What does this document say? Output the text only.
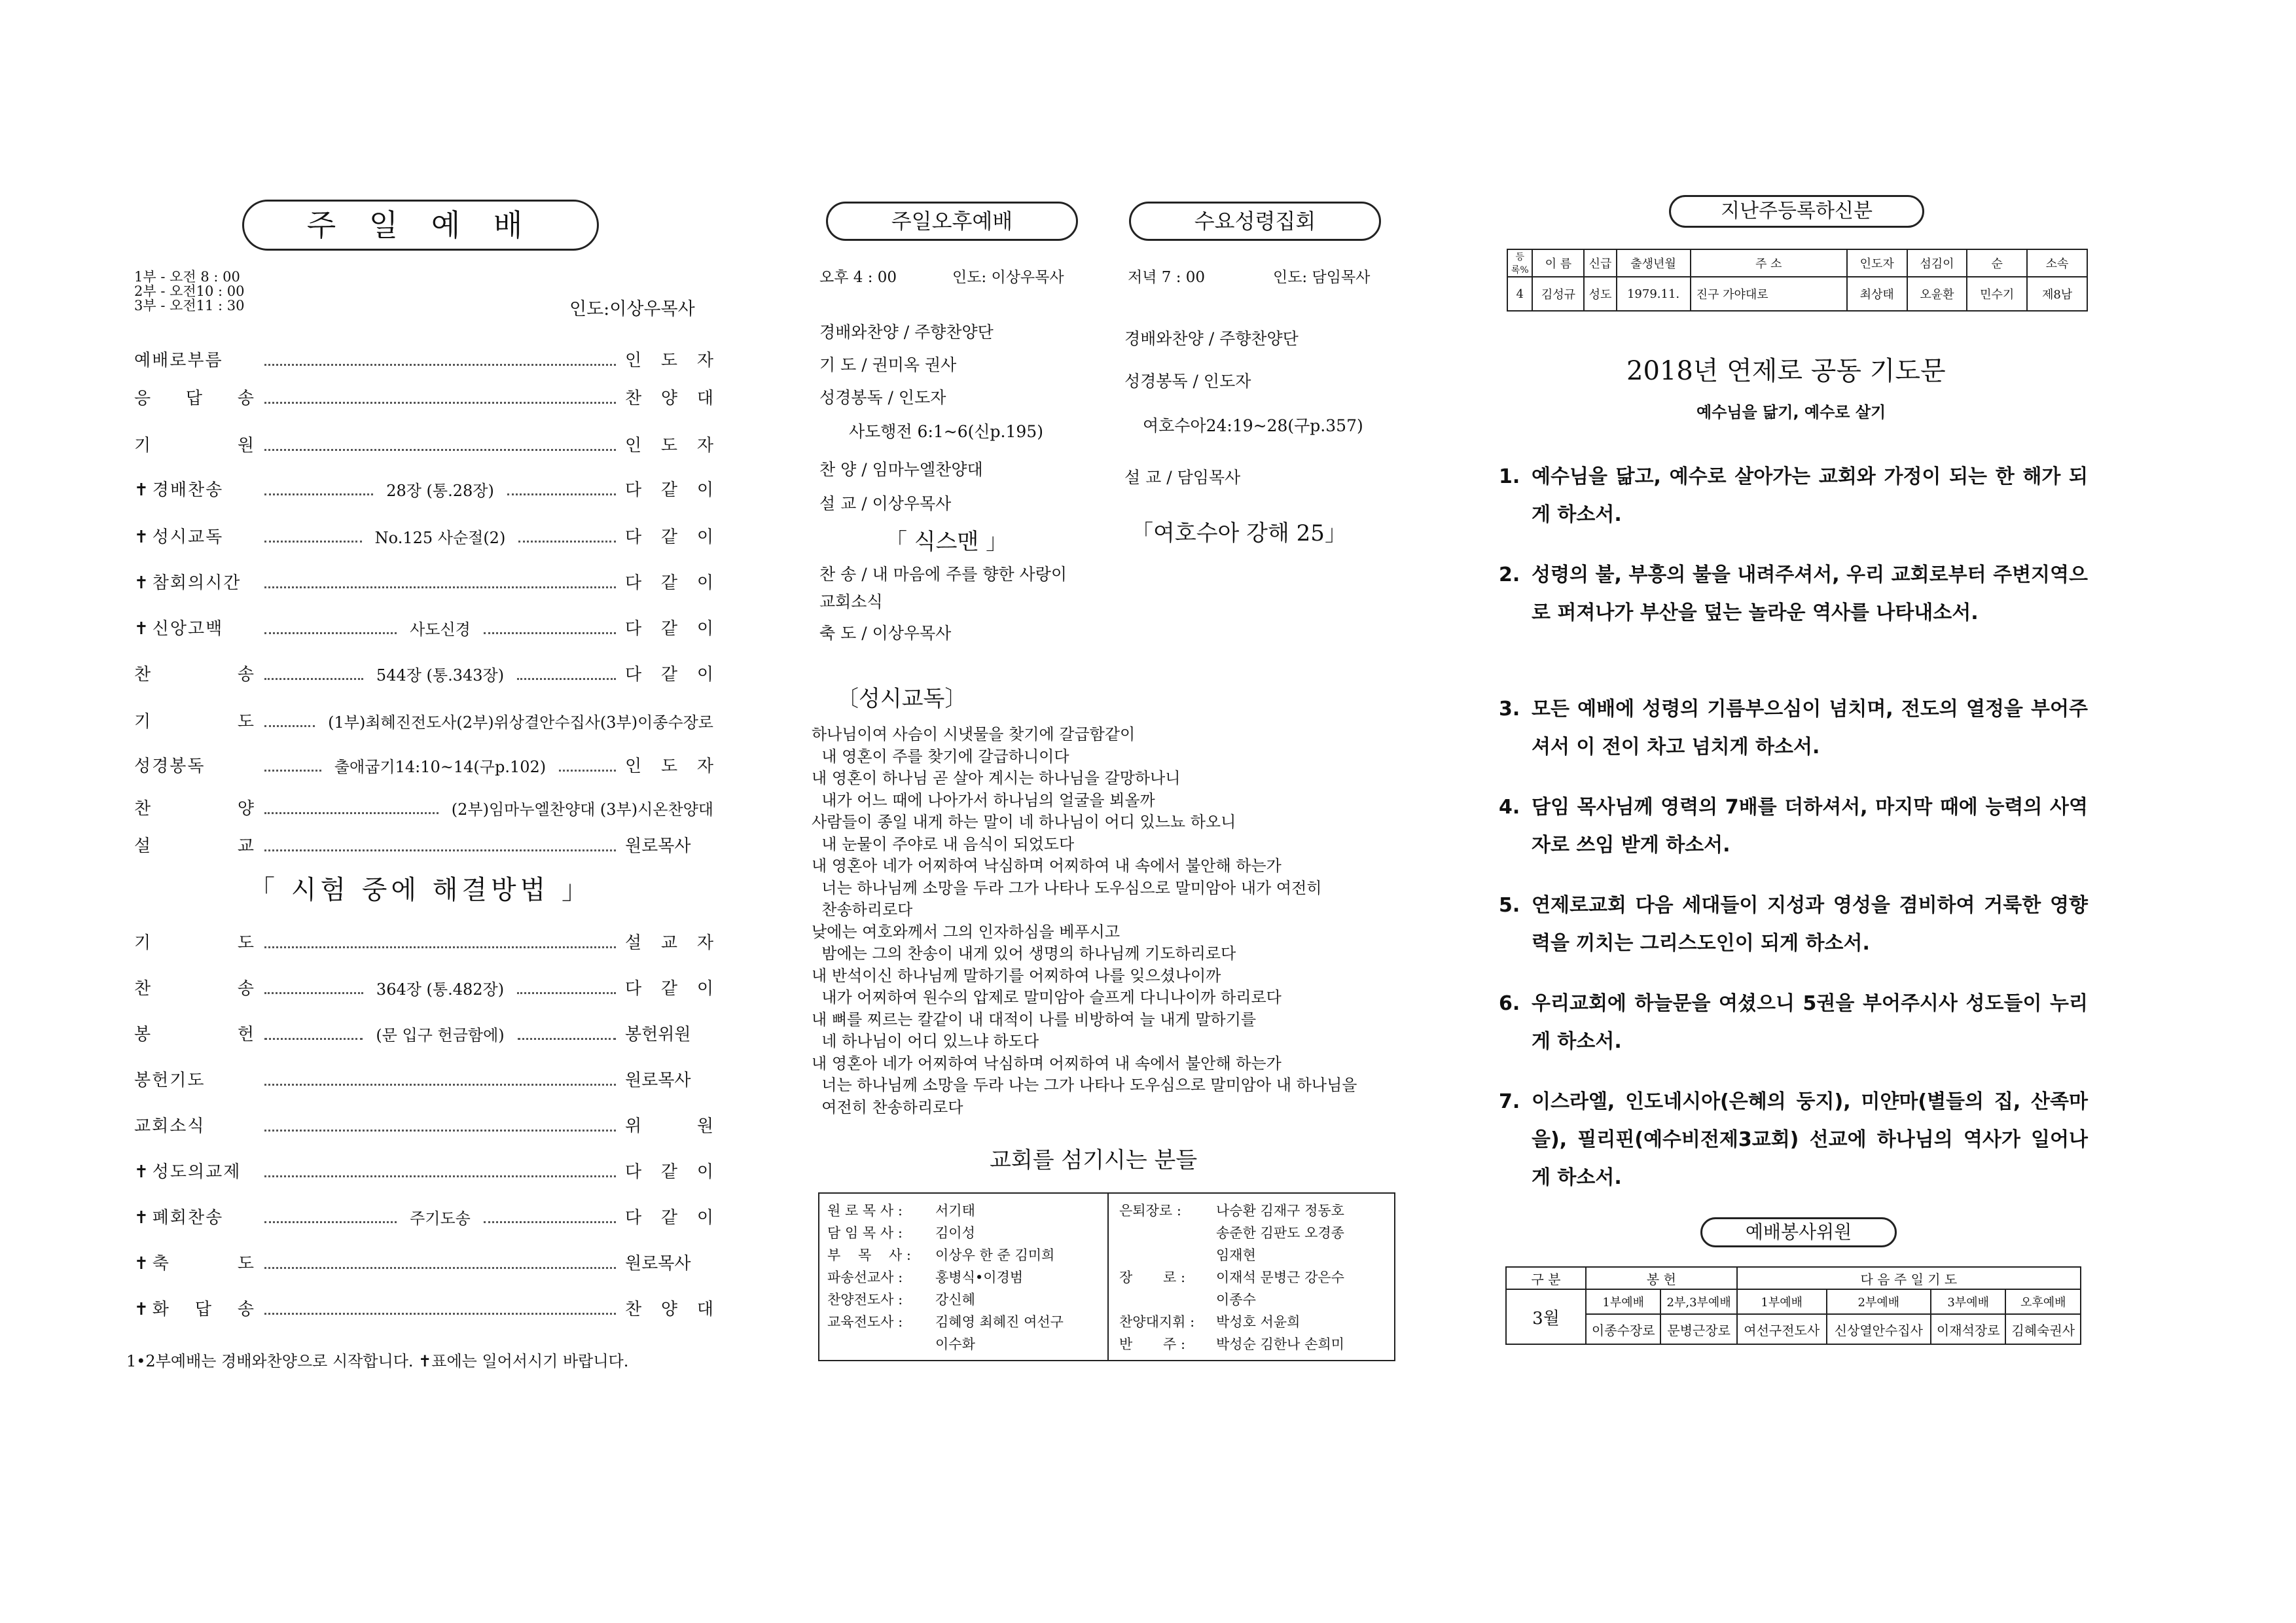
주 일 예 배
1부 - 오전 8 : 00
2부 - 오전10 : 00
3부 - 오전11 : 30	인도:이상우목사
예배로부름	인 도 자
응 답 송	찬 양 대
기 원	인 도 자
✝ 경배찬송	28장 (통.28장)	다 같 이
✝ 성시교독	No.125 사순절(2)	다 같 이
✝ 참회의시간	다 같 이
✝ 신앙고백	사도신경	다 같 이
찬 송	544장 (통.343장)	다 같 이
기 도	(1부)최혜진전도사(2부)위상결안수집사(3부)이종수장로
성경봉독	출애굽기14:10~14(구p.102)	인 도 자
찬 양	(2부)임마누엘찬양대 (3부)시온찬양대
설 교	원로목사
「 시험 중에 해결방법 」
기 도	설 교 자
찬 송	364장 (통.482장)	다 같 이
봉 헌	(문 입구 헌금함에)	봉헌위원
봉헌기도	원로목사
교회소식	위 원
✝ 성도의교제	다 같 이
✝ 폐회찬송	주기도송	다 같 이
✝ 축 도	원로목사
✝ 화 답 송	찬 양 대
1•2부예배는 경배와찬양으로 시작합니다. ✝표에는 일어서시기 바랍니다.
주일오후예배
오후 4 : 00	인도: 이상우목사
경배와찬양 / 주향찬양단
기 도 / 권미옥 권사
성경봉독 / 인도자
사도행전 6:1~6(신p.195)
찬 양 / 임마누엘찬양대
설 교 / 이상우목사
「 식스맨 」
찬 송 / 내 마음에 주를 향한 사랑이
교회소식
축 도 / 이상우목사
수요성령집회
저녁 7 : 00	인도: 담임목사
경배와찬양 / 주향찬양단
성경봉독 / 인도자
여호수아24:19~28(구p.357)
설 교 / 담임목사
「여호수아 강해 25」
〔성시교독〕
하나님이여 사슴이 시냇물을 찾기에 갈급함같이
내 영혼이 주를 찾기에 갈급하니이다
내 영혼이 하나님 곧 살아 계시는 하나님을 갈망하나니
내가 어느 때에 나아가서 하나님의 얼굴을 뵈올까
사람들이 종일 내게 하는 말이 네 하나님이 어디 있느뇨 하오니
내 눈물이 주야로 내 음식이 되었도다
내 영혼아 네가 어찌하여 낙심하며 어찌하여 내 속에서 불안해 하는가
너는 하나님께 소망을 두라 그가 나타나 도우심으로 말미암아 내가 여전히
찬송하리로다
낮에는 여호와께서 그의 인자하심을 베푸시고
밤에는 그의 찬송이 내게 있어 생명의 하나님께 기도하리로다
내 반석이신 하나님께 말하기를 어찌하여 나를 잊으셨나이까
내가 어찌하여 원수의 압제로 말미암아 슬프게 다니나이까 하리로다
내 뼈를 찌르는 칼같이 내 대적이 나를 비방하여 늘 내게 말하기를
네 하나님이 어디 있느냐 하도다
내 영혼아 네가 어찌하여 낙심하며 어찌하여 내 속에서 불안해 하는가
너는 하나님께 소망을 두라 나는 그가 나타나 도우심으로 말미암아 내 하나님을
여전히 찬송하리로다
교회를 섬기시는 분들
원 로 목 사 : 서기태
담 임 목 사 : 김이성
부    목    사 : 이상우 한 준 김미희
파송선교사 : 홍병식•이경범
찬양전도사 : 강신혜
교육전도사 : 김혜영 최혜진 여선구
이수화
은퇴장로 :	나승환 김재구 정동호
송준한 김판도 오경종
임재현
장       로 : 이재석 문병근 강은수
이종수
찬양대지휘 : 박성호 서윤희
반       주 : 박성순 김한나 손희미
지난주등록하신분
등록%	이 름	신급	출생년월	주 소	인도자	섬김이	순	소속
4	김성규	성도	1979.11.	진구 가야대로	최상태	오윤환	민수기	제8남
2018년 연제로 공동 기도문
예수님을 닮기, 예수로 살기
1. 예수님을 닮고, 예수로 살아가는 교회와 가정이 되는 한 해가 되게 하소서.
2. 성령의 불, 부흥의 불을 내려주셔서, 우리 교회로부터 주변지역으로 퍼져나가 부산을 덮는 놀라운 역사를 나타내소서.
3. 모든 예배에 성령의 기름부으심이 넘치며, 전도의 열정을 부어주셔서 이 전이 차고 넘치게 하소서.
4. 담임 목사님께 영력의 7배를 더하셔서, 마지막 때에 능력의 사역자로 쓰임 받게 하소서.
5. 연제로교회 다음 세대들이 지성과 영성을 겸비하여 거룩한 영향력을 끼치는 그리스도인이 되게 하소서.
6. 우리교회에 하늘문을 여셨으니 5권을 부어주시사 성도들이 누리게 하소서.
7. 이스라엘, 인도네시아(은혜의 둥지), 미얀마(별들의 집, 산족마을), 필리핀(예수비전제3교회) 선교에 하나님의 역사가 일어나게 하소서.
예배봉사위원
구 분	봉 헌		다 음 주 일 기 도			
3월	1부예배	2부,3부예배	1부예배	2부예배	3부예배	오후예배
	이종수장로	문병근장로	여선구전도사	신상열안수집사	이재석장로	김혜숙권사
